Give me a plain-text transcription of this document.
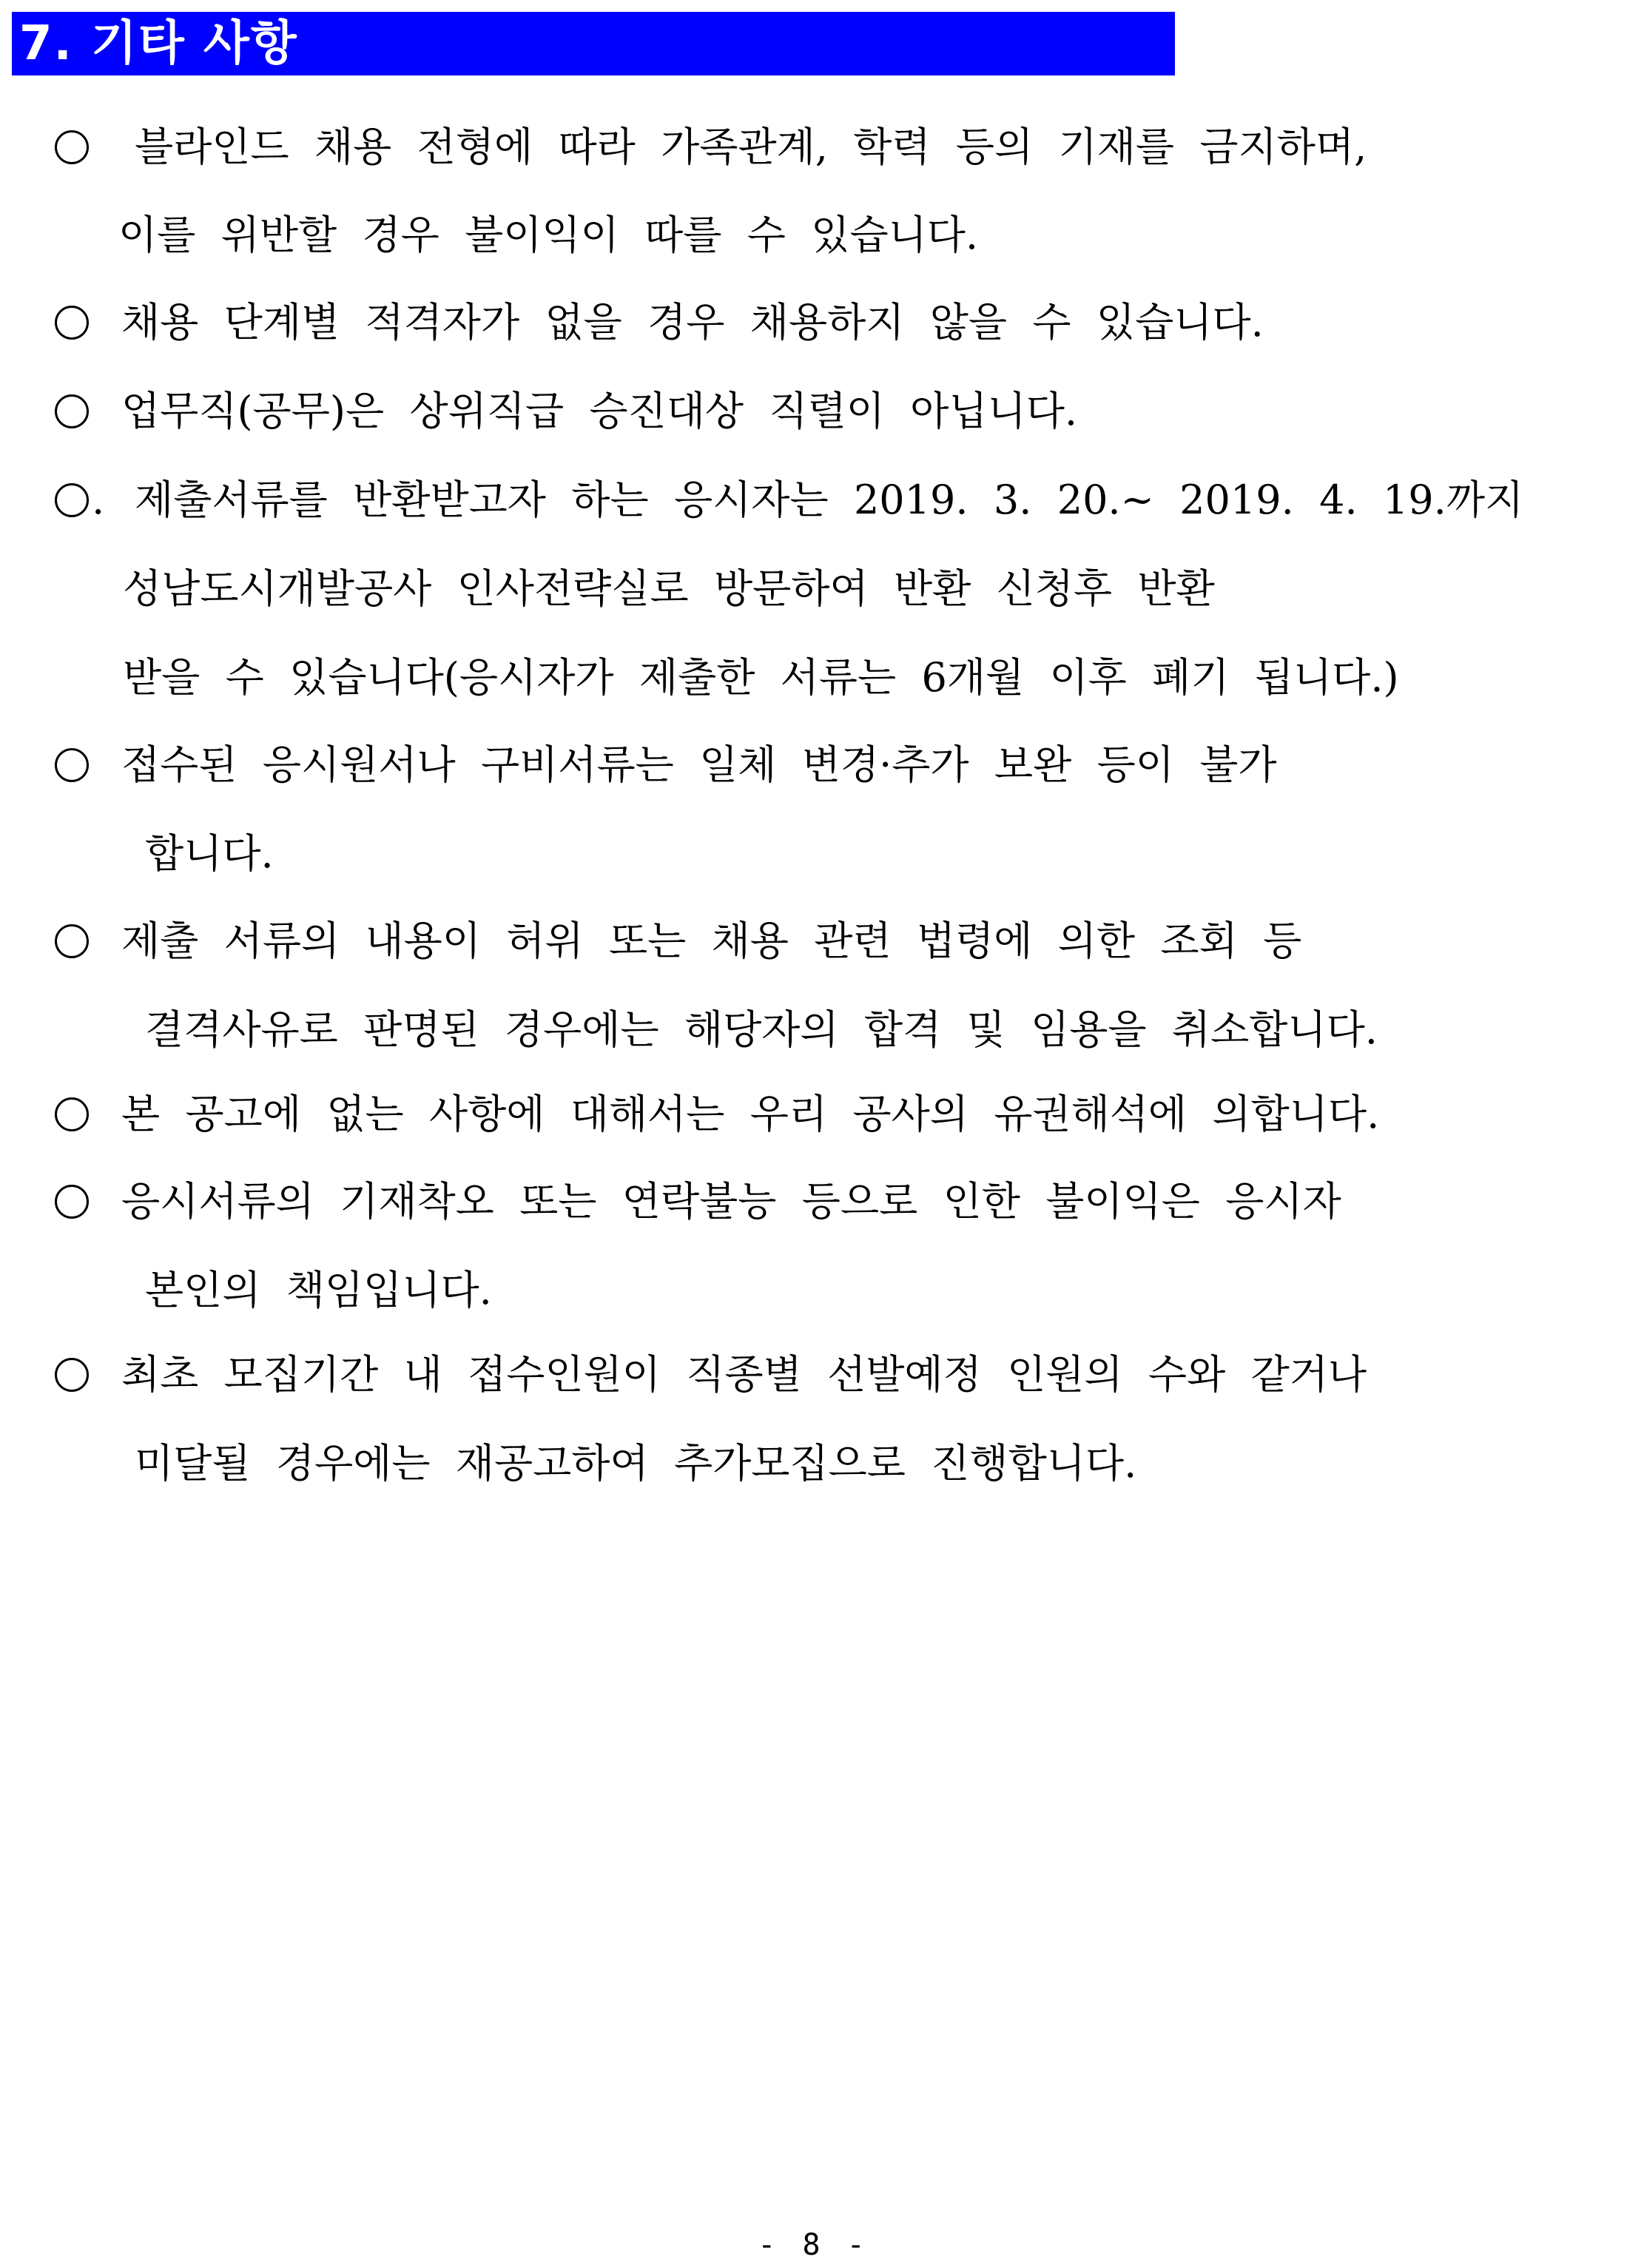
7. 기타 사항
블라인드  채용  전형에  따라  가족관계,  학력  등의  기재를  금지하며,
이를  위반할  경우  불이익이  따를  수  있습니다.
채용  단계별  적격자가  없을  경우  채용하지  않을  수  있습니다.
업무직(공무)은  상위직급  승진대상  직렬이  아닙니다.
. 제출서류를  반환받고자  하는  응시자는  2019.  3.  20.~  2019.  4.  19.까지
성남도시개발공사  인사전략실로  방문하여  반환  신청후  반환
받을  수  있습니다(응시자가  제출한  서류는  6개월  이후  폐기  됩니다.)
접수된  응시원서나  구비서류는  일체  변경·추가  보완  등이  불가
합니다.
제출  서류의  내용이  허위  또는  채용  관련  법령에  의한  조회  등
결격사유로  판명된  경우에는  해당자의  합격  및  임용을  취소합니다.
본  공고에  없는  사항에  대해서는  우리  공사의  유권해석에  의합니다.
응시서류의  기재착오  또는  연락불능  등으로  인한  불이익은  응시자
본인의  책임입니다.
최초  모집기간  내  접수인원이  직종별  선발예정  인원의  수와  같거나
미달될  경우에는  재공고하여  추가모집으로  진행합니다.
- 8 -
